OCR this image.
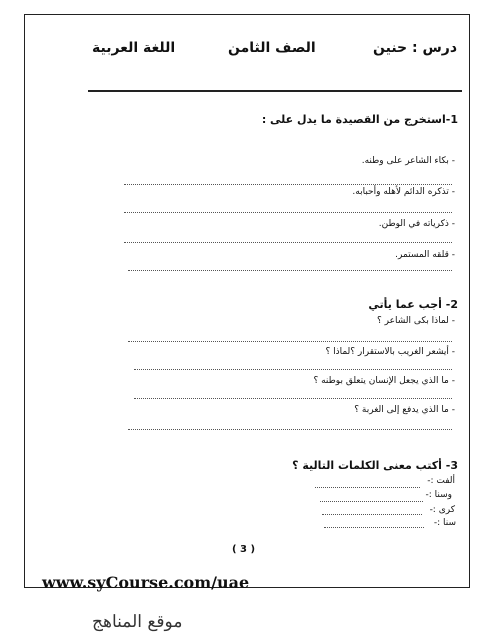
اللغة العربية	الصف الثامن	درس : حنين
1-استخرج من القصيدة ما يدل على :
- بكاء الشاعر على وطنه.
- تذكره الدائم لأهله وأحبابه.
- ذكرياته في الوطن.
- قلقه المستمر.
2- أجب عما يأتي
- لماذا بكى الشاعر ؟
- أيشعر الغريب بالاستقرار ؟لماذا ؟
- ما الذي يجعل الإنسان يتعلق بوطنه ؟
- ما الذي يدفع إلى الغربة ؟
3- أكتب معنى الكلمات التالية ؟
ألفت :-
وسنا :-
كرى :-
سنا :-
( 3 )
www.syCourse.com/uae
موقع المناهج
